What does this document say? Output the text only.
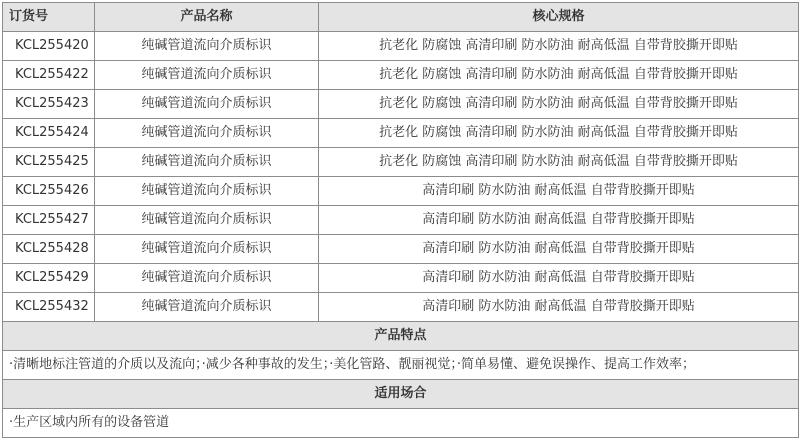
订货号	产品名称	核心规格
KCL255420	纯碱管道流向介质标识	抗老化 防腐蚀 高清印刷 防水防油 耐高低温 自带背胶撕开即贴
KCL255422	纯碱管道流向介质标识	抗老化 防腐蚀 高清印刷 防水防油 耐高低温 自带背胶撕开即贴
KCL255423	纯碱管道流向介质标识	抗老化 防腐蚀 高清印刷 防水防油 耐高低温 自带背胶撕开即贴
KCL255424	纯碱管道流向介质标识	抗老化 防腐蚀 高清印刷 防水防油 耐高低温 自带背胶撕开即贴
KCL255425	纯碱管道流向介质标识	抗老化 防腐蚀 高清印刷 防水防油 耐高低温 自带背胶撕开即贴
KCL255426	纯碱管道流向介质标识	高清印刷 防水防油 耐高低温 自带背胶撕开即贴
KCL255427	纯碱管道流向介质标识	高清印刷 防水防油 耐高低温 自带背胶撕开即贴
KCL255428	纯碱管道流向介质标识	高清印刷 防水防油 耐高低温 自带背胶撕开即贴
KCL255429	纯碱管道流向介质标识	高清印刷 防水防油 耐高低温 自带背胶撕开即贴
KCL255432	纯碱管道流向介质标识	高清印刷 防水防油 耐高低温 自带背胶撕开即贴
产品特点		
·清晰地标注管道的介质以及流向；·减少各种事故的发生；·美化管路、靓丽视觉；·简单易懂、避免误操作、提高工作效率；		
适用场合		
·生产区域内所有的设备管道		
